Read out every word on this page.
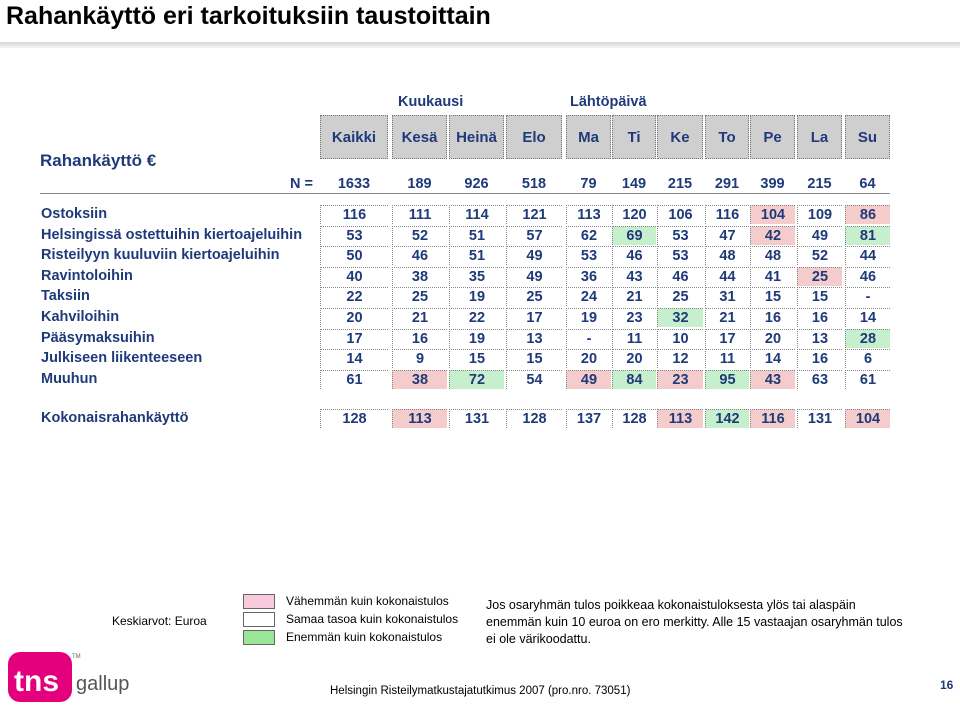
Rahankäyttö eri tarkoituksiin taustoittain
Kuukausi	Lähtöpäivä
Rahankäyttö €
Kaikki	Kesä	Heinä	Elo	Ma	Ti	Ke	To	Pe	La	Su
N =	1633	189	926	518	79	149	215	291	399	215	64
Ostoksiin	116	111	114	121	113	120	106	116	104	109	86
Helsingissä ostettuihin kiertoajeluihin	53	52	51	57	62	69	53	47	42	49	81
Risteilyyn kuuluviin kiertoajeluihin	50	46	51	49	53	46	53	48	48	52	44
Ravintoloihin	40	38	35	49	36	43	46	44	41	25	46
Taksiin	22	25	19	25	24	21	25	31	15	15	-
Kahviloihin	20	21	22	17	19	23	32	21	16	16	14
Pääsymaksuihin	17	16	19	13	-	11	10	17	20	13	28
Julkiseen liikenteeseen	14	9	15	15	20	20	12	11	14	16	6
Muuhun	61	38	72	54	49	84	23	95	43	63	61
Kokonaisrahankäyttö	128	113	131	128	137	128	113	142	116	131	104
Keskiarvot: Euroa
Vähemmän kuin kokonaistulos
Samaa tasoa kuin kokonaistulos
Enemmän kuin kokonaistulos
Jos osaryhmän tulos poikkeaa kokonaistuloksesta ylös tai alaspäin enemmän kuin 10 euroa on ero merkitty. Alle 15 vastaajan osaryhmän tulos ei ole värikoodattu.
Helsingin Risteilymatkustajatutkimus 2007 (pro.nro. 73051)	16
tns
TM
gallup
